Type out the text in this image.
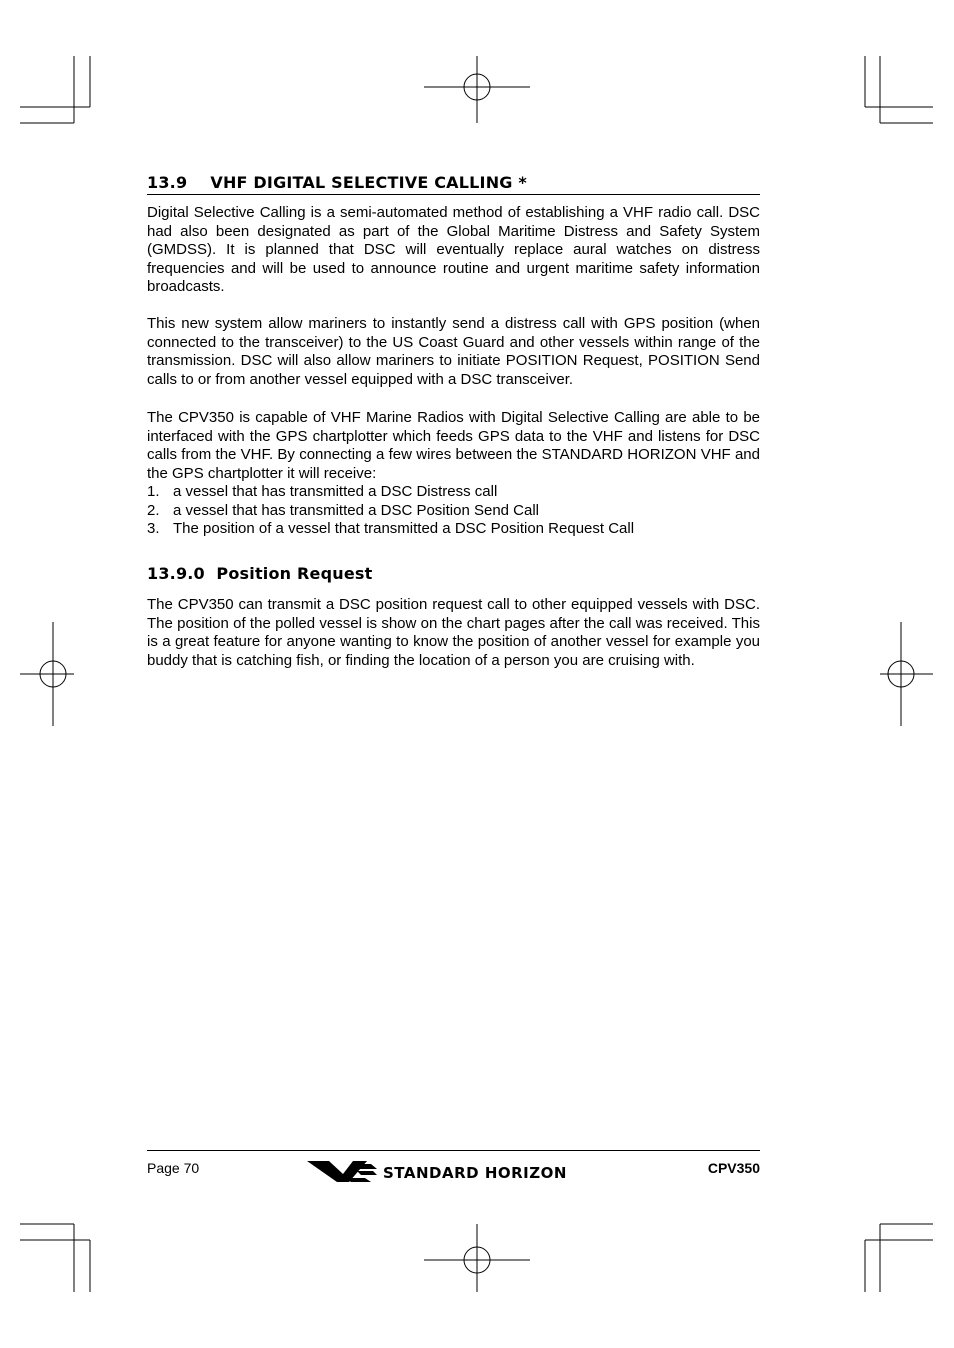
13.9    VHF DIGITAL SELECTIVE CALLING *

Digital Selective Calling is a semi-automated method of establishing a VHF radio call. DSC had also been designated as part of the Global Maritime Distress and Safety System (GMDSS). It is planned that DSC will eventually replace aural watches on distress frequencies and will be used to announce routine and urgent maritime safety information broadcasts.

This new system allow mariners to instantly send a distress call with GPS position (when connected to the transceiver) to the US Coast Guard and other vessels within range of the transmission. DSC will also allow mariners to initiate POSITION Request, POSITION Send calls to or from another vessel equipped with a DSC transceiver.

The CPV350 is capable of VHF Marine Radios with Digital Selective Calling are able to be interfaced with the GPS chartplotter which feeds GPS data to the VHF and listens for DSC calls from the VHF. By connecting a few wires between the STANDARD HORIZON VHF and the GPS chartplotter it will receive:

1. a vessel that has transmitted a DSC Distress call
2. a vessel that has transmitted a DSC Position Send Call
3. The position of a vessel that transmitted a DSC Position Request Call
13.9.0  Position Request

The CPV350 can transmit a DSC position request call to other equipped vessels with DSC. The position of the polled vessel is show on the chart pages after the call was received. This is a great feature for anyone wanting to know the position of another vessel for example you buddy that is catching fish, or finding the location of a person you are cruising with.

Page 70	STANDARD HORIZON	CPV350
